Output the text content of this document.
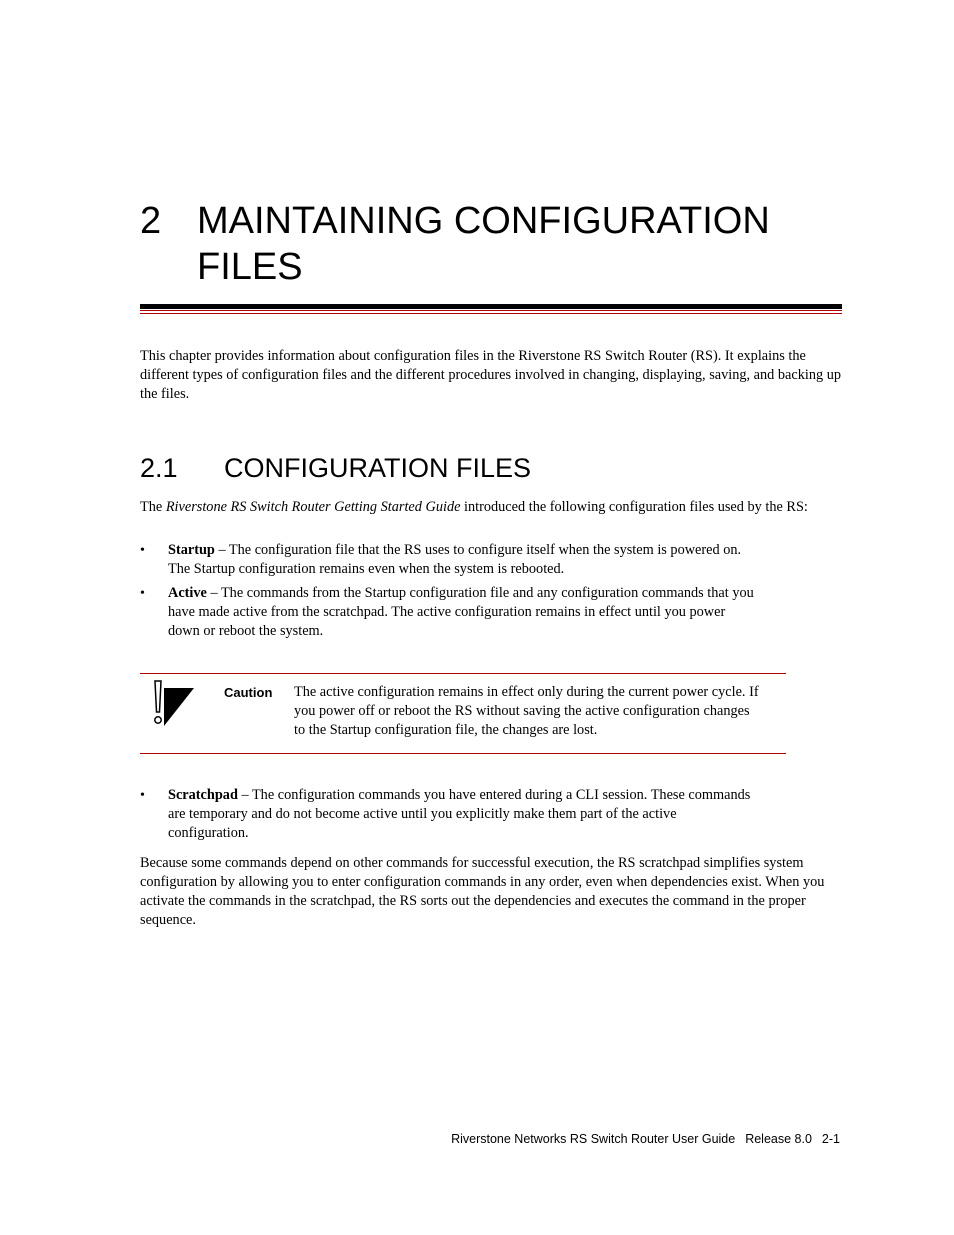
2 MAINTAINING CONFIGURATION
FILES

This chapter provides information about configuration files in the Riverstone RS Switch Router (RS). It explains the different types of configuration files and the different procedures involved in changing, displaying, saving, and backing up the files.

2.1 CONFIGURATION FILES

The Riverstone RS Switch Router Getting Started Guide introduced the following configuration files used by the RS:

• Startup – The configuration file that the RS uses to configure itself when the system is powered on. The Startup configuration remains even when the system is rebooted.
• Active – The commands from the Startup configuration file and any configuration commands that you have made active from the scratchpad. The active configuration remains in effect until you power down or reboot the system.
Caution The active configuration remains in effect only during the current power cycle. If you power off or reboot the RS without saving the active configuration changes to the Startup configuration file, the changes are lost.
• Scratchpad – The configuration commands you have entered during a CLI session. These commands are temporary and do not become active until you explicitly make them part of the active configuration.

Because some commands depend on other commands for successful execution, the RS scratchpad simplifies system configuration by allowing you to enter configuration commands in any order, even when dependencies exist. When you activate the commands in the scratchpad, the RS sorts out the dependencies and executes the command in the proper sequence.

Riverstone Networks RS Switch Router User Guide Release 8.0 2-1
